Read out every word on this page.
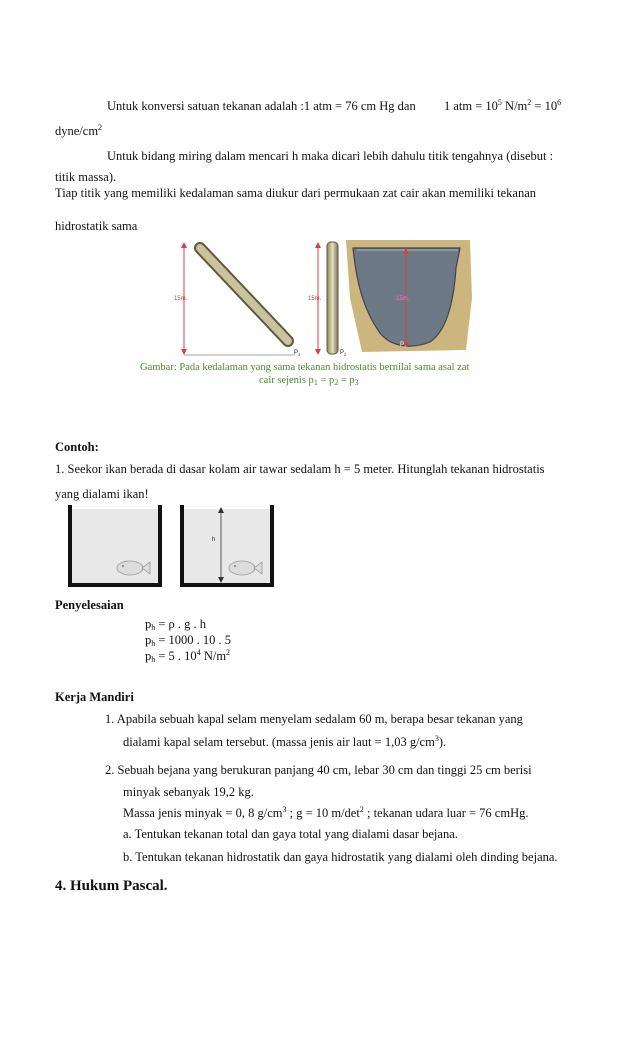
Untuk konversi satuan tekanan adalah :1 atm = 76 cm Hg dan 1 atm = $10^5$ $N/m^2 = 10^6$
dyne/$cm^2$
Untuk bidang miring dalam mencari h maka dicari lebih dahulu titik tengahnya (disebut :
titik massa).
Tiap titik yang memiliki kedalaman sama diukur dari permukaan zat cair akan memiliki tekanan
hidrostatik sama
15m.
$P_3$
15m.
$P_2$
15m.
$P_1$
Gambar: Pada kedalaman yang sama tekanan hidrostatis bernilai sama asal zat
cair sejenis $p_1 = p_2 = p_3$
Contoh:
1. Seekor ikan berada di dasar kolam air tawar sedalam h = 5 meter. Hitunglah tekanan hidrostatis
yang dialami ikan!
h
Penyelesaian
$p_h = \rho$ . g . h
$p_h = 1000$ . 10 . 5
$p_h = 5$ . $10^4$ $N/m^2$
Kerja Mandiri
1. Apabila sebuah kapal selam menyelam sedalam 60 m, berapa besar tekanan yang
dialami kapal selam tersebut. (massa jenis air laut = 1,03 $g/cm^3$).
2. Sebuah bejana yang berukuran panjang 40 cm, lebar 30 cm dan tinggi 25 cm berisi
minyak sebanyak 19,2 kg.
Massa jenis minyak = 0, 8 $g/cm^3$ ; g = 10 $m/\det^2$ ; tekanan udara luar = 76 cmHg.
a. Tentukan tekanan total dan gaya total yang dialami dasar bejana.
b. Tentukan tekanan hidrostatik dan gaya hidrostatik yang dialami oleh dinding bejana.
4. Hukum Pascal.
